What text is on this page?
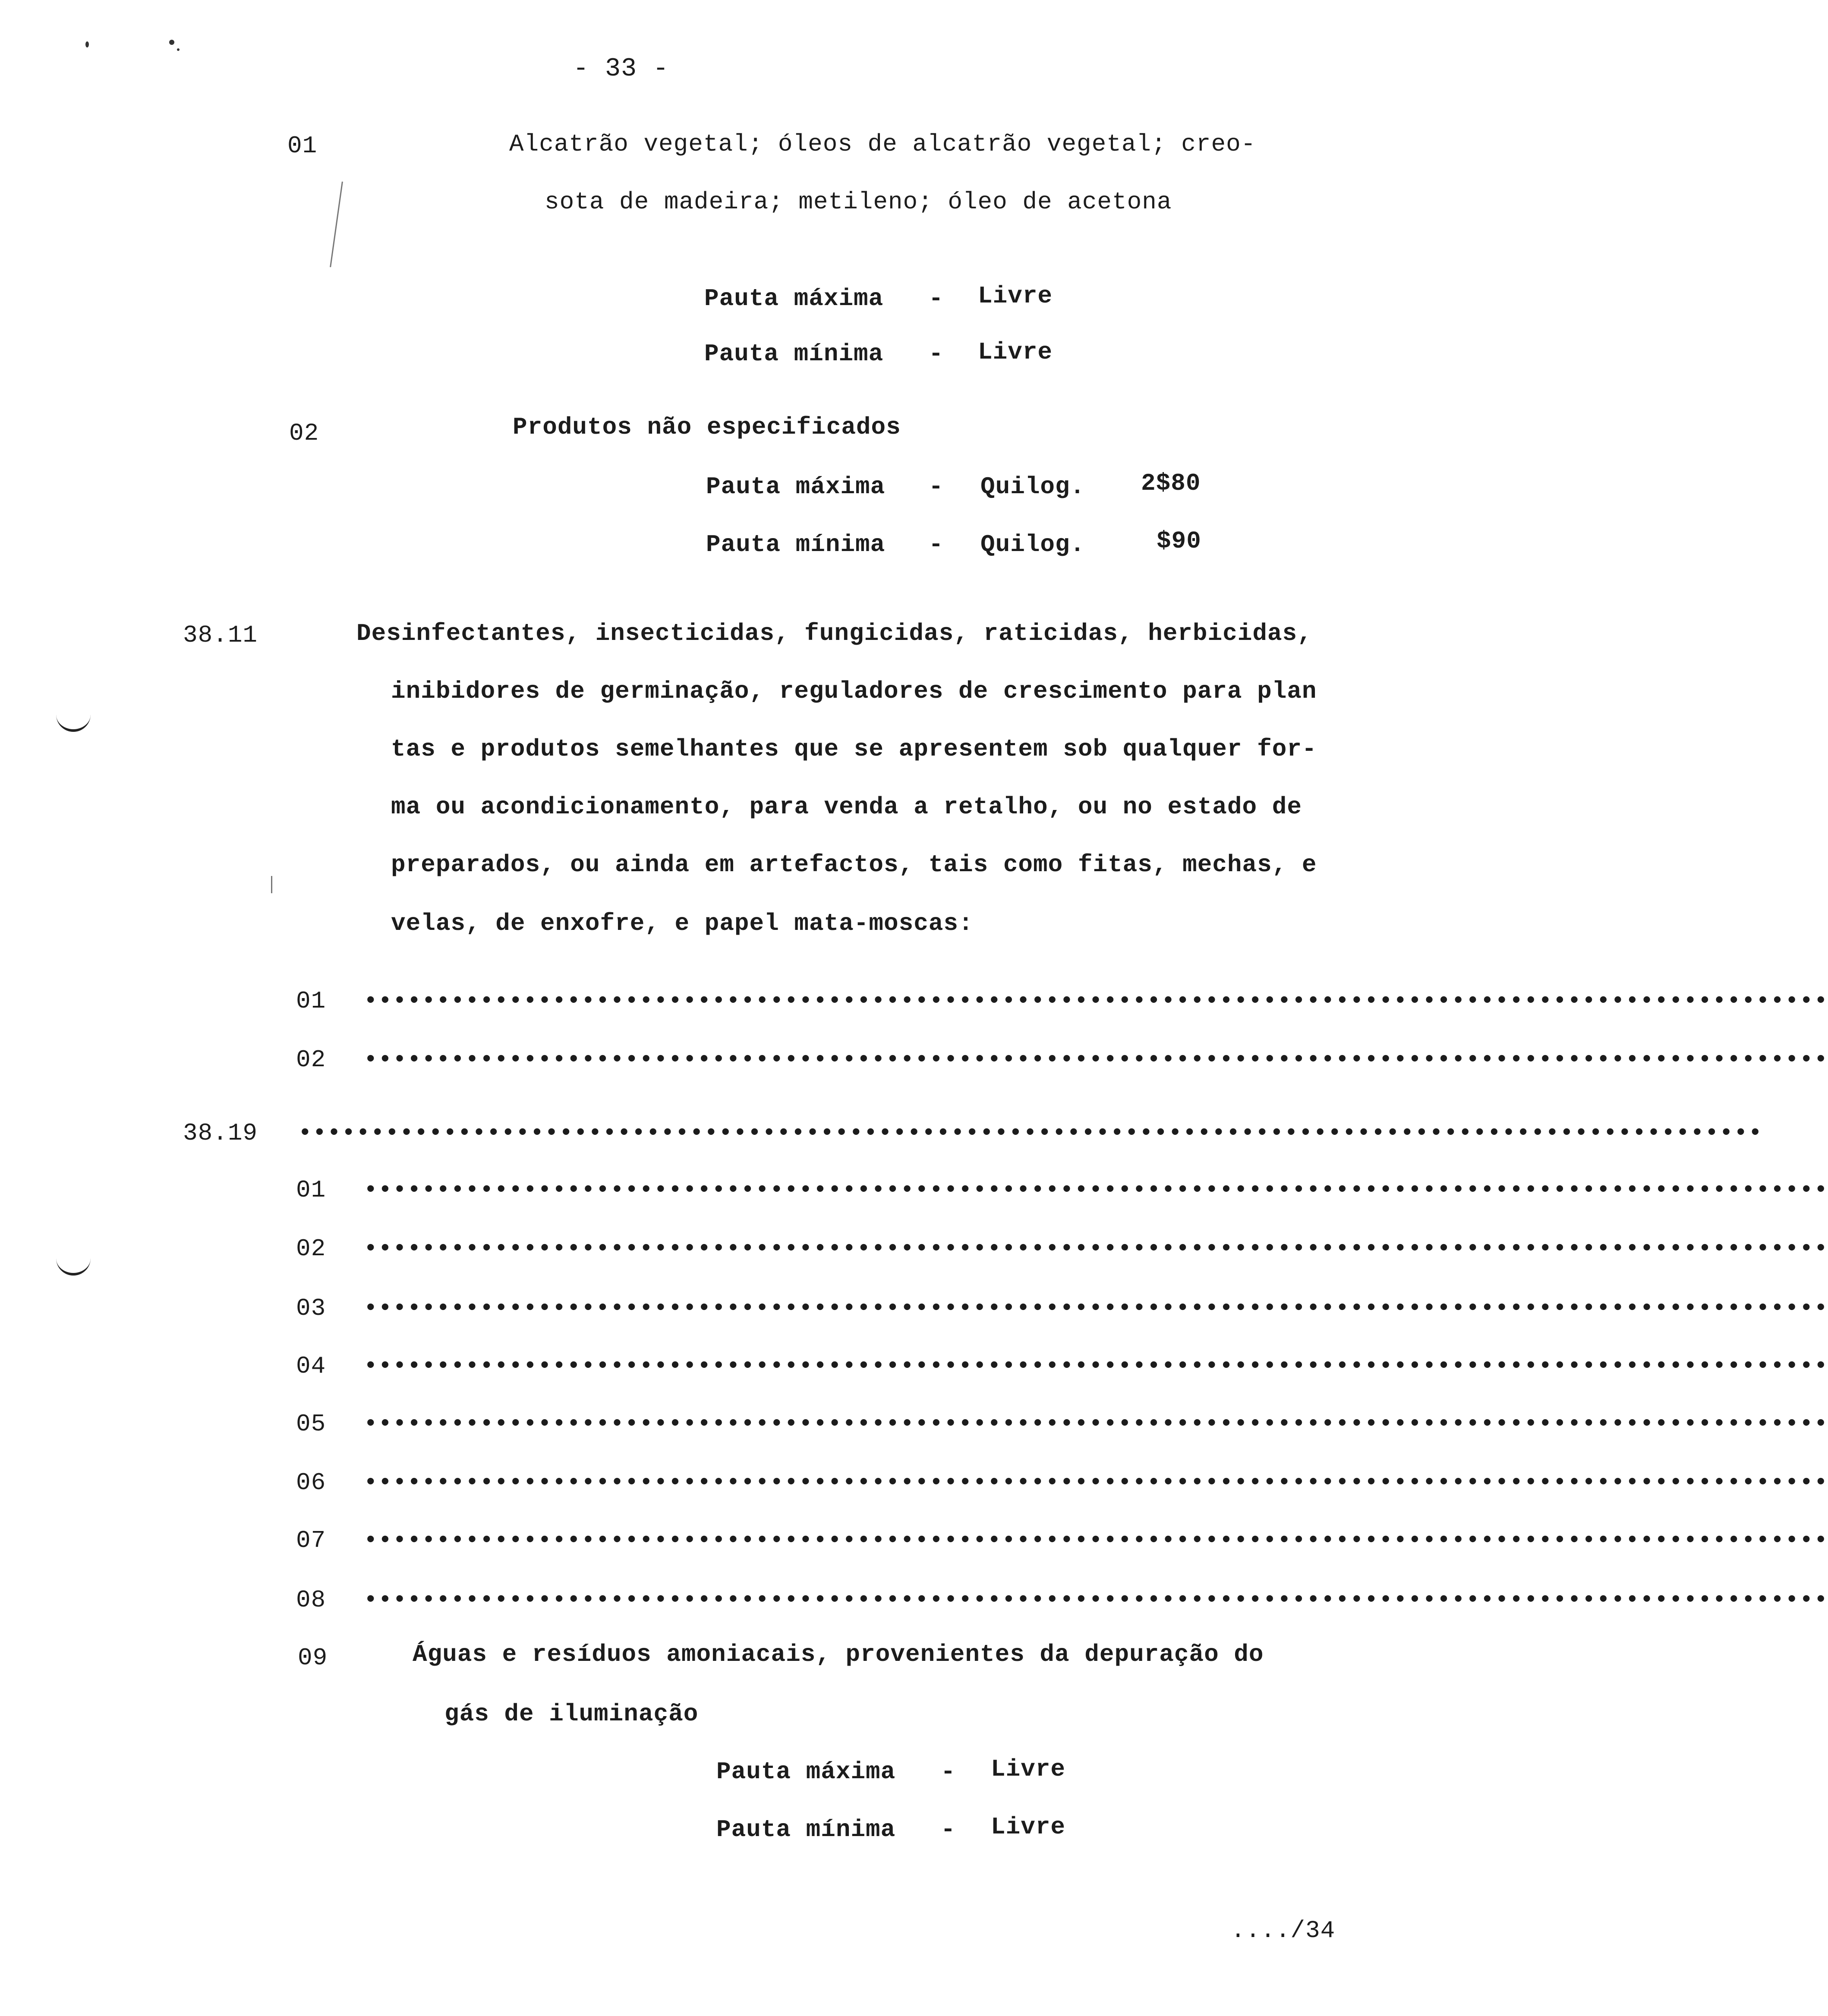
- 33 -
01	Alcatrão vegetal; óleos de alcatrão vegetal; creo-
sota de madeira; metileno; óleo de acetona
Pauta máxima - Livre
Pauta mínima - Livre
02	Produtos não especificados
Pauta máxima - Quilog. 2$80
Pauta mínima - Quilog.	$90
38.11	Desinfectantes, insecticidas, fungicidas, raticidas, herbicidas,
inibidores de germinação, reguladores de crescimento para plan
tas e produtos semelhantes que se apresentem sob qualquer for-
ma ou acondicionamento, para venda a retalho, ou no estado de
preparados, ou ainda em artefactos, tais como fitas, mechas, e
velas, de enxofre, e papel mata-moscas:
01 •••••••••••••••••••••••••••••••••••••••••••••••••••••••••••••••••••••••••••••••••••••••••••••••••••••
02 •••••••••••••••••••••••••••••••••••••••••••••••••••••••••••••••••••••••••••••••••••••••••••••••••••••
38.19 •••••••••••••••••••••••••••••••••••••••••••••••••••••••••••••••••••••••••••••••••••••••••••••••••••••
01 •••••••••••••••••••••••••••••••••••••••••••••••••••••••••••••••••••••••••••••••••••••••••••••••••••••
02 •••••••••••••••••••••••••••••••••••••••••••••••••••••••••••••••••••••••••••••••••••••••••••••••••••••
03 •••••••••••••••••••••••••••••••••••••••••••••••••••••••••••••••••••••••••••••••••••••••••••••••••••••
04 •••••••••••••••••••••••••••••••••••••••••••••••••••••••••••••••••••••••••••••••••••••••••••••••••••••
05 •••••••••••••••••••••••••••••••••••••••••••••••••••••••••••••••••••••••••••••••••••••••••••••••••••••
06 •••••••••••••••••••••••••••••••••••••••••••••••••••••••••••••••••••••••••••••••••••••••••••••••••••••
07 •••••••••••••••••••••••••••••••••••••••••••••••••••••••••••••••••••••••••••••••••••••••••••••••••••••
08 •••••••••••••••••••••••••••••••••••••••••••••••••••••••••••••••••••••••••••••••••••••••••••••••••••••
09	Águas e resíduos amoniacais, provenientes da depuração do
gás de iluminação
Pauta máxima - Livre
Pauta mínima - Livre
..../34
